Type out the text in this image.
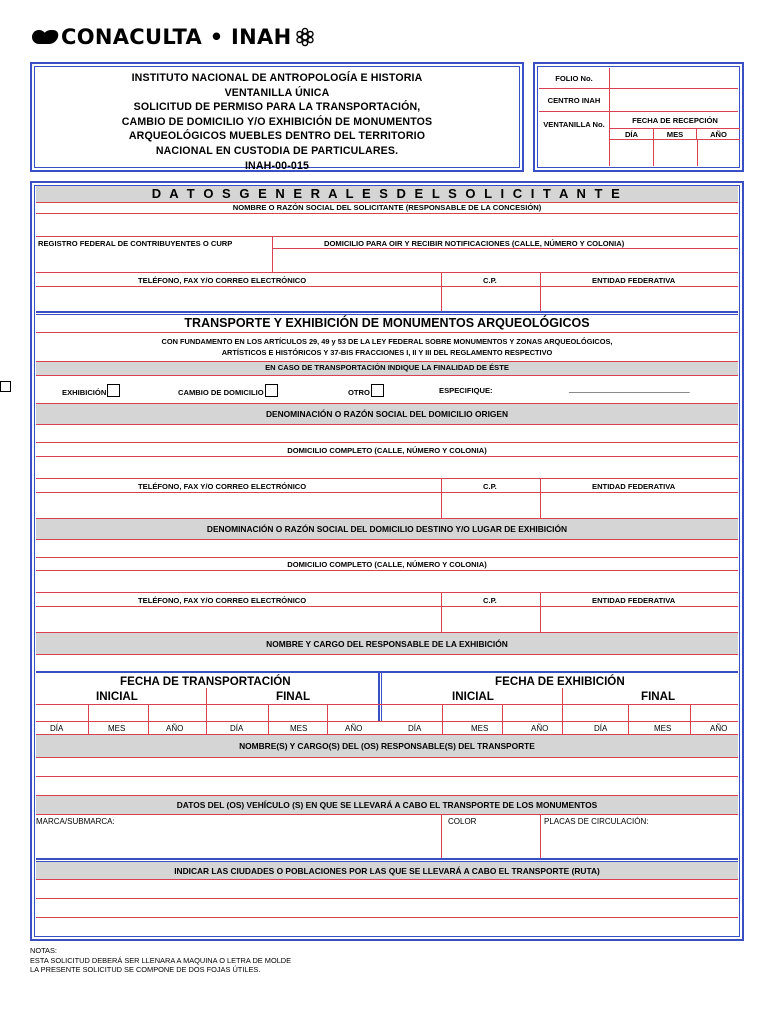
CONACULTA • INAH
INSTITUTO NACIONAL DE ANTROPOLOGÍA E HISTORIA
VENTANILLA ÚNICA
SOLICITUD DE PERMISO PARA LA TRANSPORTACIÓN,
CAMBIO DE DOMICILIO Y/O EXHIBICIÓN DE MONUMENTOS
ARQUEOLÓGICOS MUEBLES DENTRO DEL TERRITORIO
NACIONAL EN CUSTODIA DE PARTICULARES.
INAH-00-015
FOLIO No.
CENTRO INAH
VENTANILLA No.	FECHA DE RECEPCIÓN
DÍA	MES	AÑO
D A T O S G E N E R A L E S D E L S O L I C I T A N T E
NOMBRE O RAZÓN SOCIAL DEL SOLICITANTE (RESPONSABLE DE LA CONCESIÓN)
REGISTRO FEDERAL DE CONTRIBUYENTES O CURP	DOMICILIO PARA OIR Y RECIBIR NOTIFICACIONES (CALLE, NÚMERO Y COLONIA)
TELÉFONO, FAX Y/O CORREO ELECTRÓNICO	C.P.	ENTIDAD FEDERATIVA
TRANSPORTE Y EXHIBICIÓN DE MONUMENTOS ARQUEOLÓGICOS
CON FUNDAMENTO EN LOS ARTÍCULOS 29, 49 y 53 DE LA LEY FEDERAL SOBRE MONUMENTOS Y ZONAS ARQUEOLÓGICOS,
ARTÍSTICOS E HISTÓRICOS Y 37-BIS FRACCIONES I, II Y III DEL REGLAMENTO RESPECTIVO
EN CASO DE TRANSPORTACIÓN INDIQUE LA FINALIDAD DE ÉSTE
EXHIBICIÓN	CAMBIO DE DOMICILIO	OTRO	ESPECIFIQUE:	_______________________________
DENOMINACIÓN O RAZÓN SOCIAL DEL DOMICILIO ORIGEN
DOMICILIO COMPLETO (CALLE, NÚMERO Y COLONIA)
TELÉFONO, FAX Y/O CORREO ELECTRÓNICO	C.P.	ENTIDAD FEDERATIVA
DENOMINACIÓN O RAZÓN SOCIAL DEL DOMICILIO DESTINO Y/O LUGAR DE EXHIBICIÓN
DOMICILIO COMPLETO (CALLE, NÚMERO Y COLONIA)
TELÉFONO, FAX Y/O CORREO ELECTRÓNICO	C.P.	ENTIDAD FEDERATIVA
NOMBRE Y CARGO DEL RESPONSABLE DE LA EXHIBICIÓN
FECHA DE TRANSPORTACIÓN	FECHA DE EXHIBICIÓN
INICIAL	FINAL	INICIAL	FINAL
DÍA	MES	AÑO	DÍA	MES	AÑO	DÍA	MES	AÑO	DÍA	MES	AÑO
NOMBRE(S) Y CARGO(S) DEL (OS) RESPONSABLE(S) DEL TRANSPORTE
DATOS DEL (OS) VEHÍCULO (S) EN QUE SE LLEVARÁ A CABO EL TRANSPORTE DE LOS MONUMENTOS
MARCA/SUBMARCA:	COLOR	PLACAS DE CIRCULACIÓN:
INDICAR LAS CIUDADES O POBLACIONES POR LAS QUE SE LLEVARÁ A CABO EL TRANSPORTE (RUTA)
NOTAS:
ESTA SOLICITUD DEBERÁ SER LLENARA A MAQUINA O LETRA DE MOLDE
LA PRESENTE SOLICITUD SE COMPONE DE DOS FOJAS ÚTILES.
